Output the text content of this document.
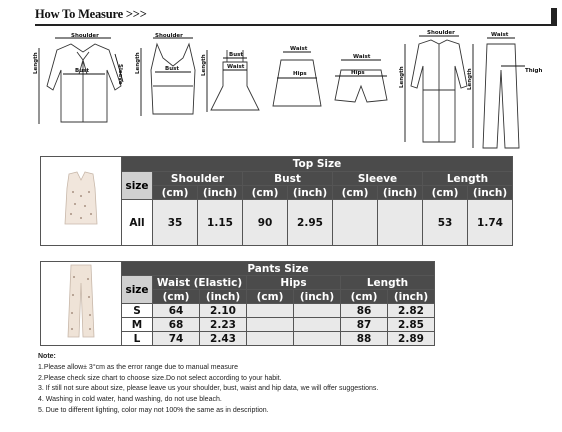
How To Measure >>>
Shoulder
Bust	Sleeve
Length
Shoulder
Bust
Length	Bust
Waist
Length
Waist
Hips
Waist
Hips
Shoulder
Length
Waist
Length	Thigh
	Top Size								
	size	Shoulder		Bust		Sleeve		Length	
		(cm)	(inch)	(cm)	(inch)	(cm)	(inch)	(cm)	(inch)
	All	35	1.15	90	2.95			53	1.74
	Pants Size						
	size	Waist (Elastic)		Hips		Length	
		(cm)	(inch)	(cm)	(inch)	(cm)	(inch)
	S	64	2.10			86	2.82
	M	68	2.23			87	2.85
	L	74	2.43			88	2.89
Note:
1.Please allow± 3°cm as the error range due to manual measure
2.Please check size chart to choose size.Do not select according to your habit.
3. If still not sure about size, please leave us your shoulder, bust, waist and hip data, we will offer suggestions.
4. Washing in cold water, hand washing, do not use bleach.
5. Due to different lighting, color may not 100% the same as in description.
